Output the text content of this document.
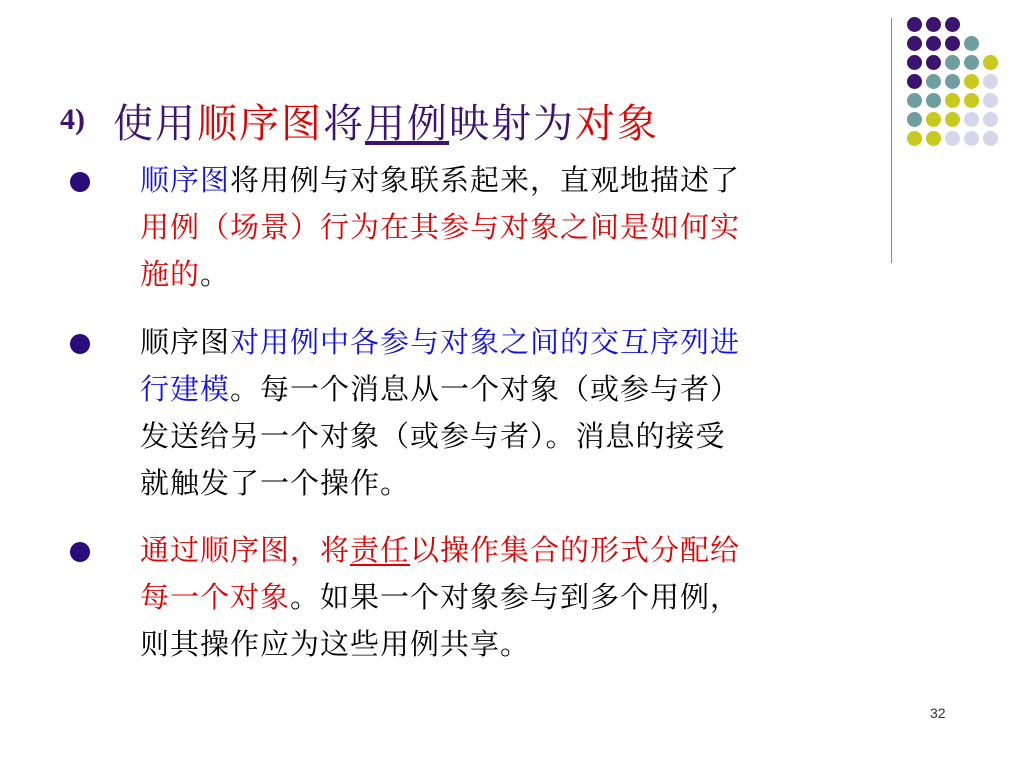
4) 使用 顺序图 将 用例 映射为 对象
顺序图将用例与对象联系起来，直观地描述了
用例（场景）行为在其参与对象之间是如何实
施的。
顺序图对用例中各参与对象之间的交互序列进
行建模。每一个消息从一个对象（或参与者）
发送给另一个对象（或参与者）。消息的接受
就触发了一个操作。
通过顺序图，将责任以操作集合的形式分配给
每一个对象。如果一个对象参与到多个用例，
则其操作应为这些用例共享。
32
